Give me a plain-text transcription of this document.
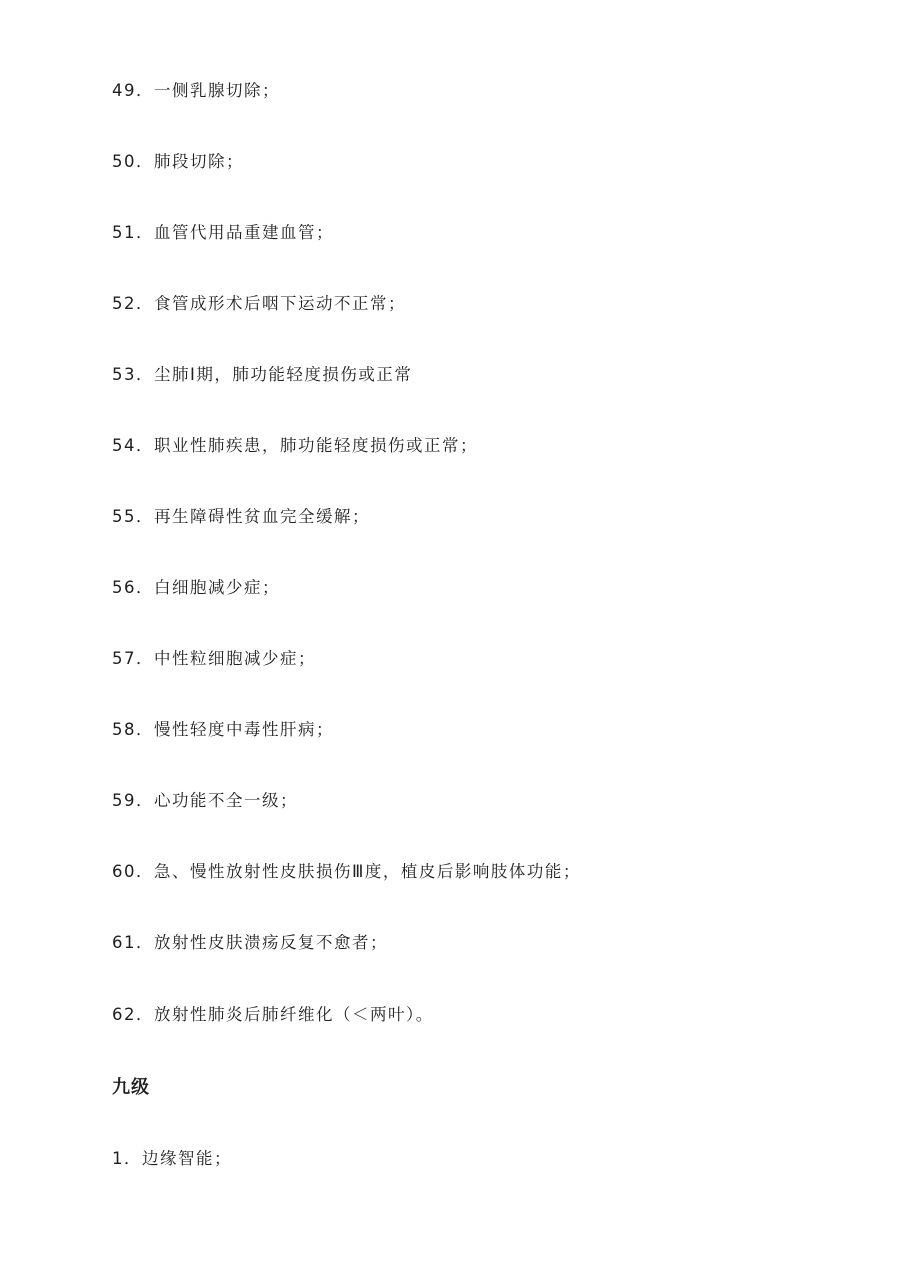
49．一侧乳腺切除；
50．肺段切除；
51．血管代用品重建血管；
52．食管成形术后咽下运动不正常；
53．尘肺Ⅰ期，肺功能轻度损伤或正常
54．职业性肺疾患，肺功能轻度损伤或正常；
55．再生障碍性贫血完全缓解；
56．白细胞减少症；
57．中性粒细胞减少症；
58．慢性轻度中毒性肝病；
59．心功能不全一级；
60．急、慢性放射性皮肤损伤Ⅲ度，植皮后影响肢体功能；
61．放射性皮肤溃疡反复不愈者；
62．放射性肺炎后肺纤维化（＜两叶）。
九级
1．边缘智能；
